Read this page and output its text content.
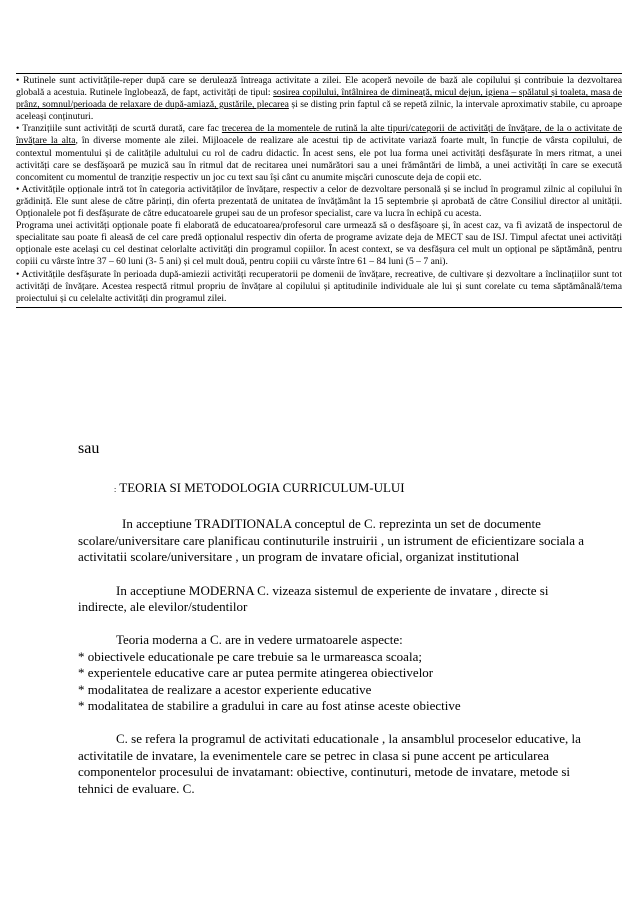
• Rutinele sunt activitățile-reper după care se derulează întreaga activitate a zilei. Ele acoperă nevoile de bază ale copilului și contribuie la dezvoltarea globală a acestuia. Rutinele înglobează, de fapt, activități de tipul: sosirea copilului, întâlnirea de dimineață, micul dejun, igiena – spălatul și toaleta, masa de prânz, somnul/perioada de relaxare de după-amiază, gustările, plecarea și se disting prin faptul că se repetă zilnic, la intervale aproximativ stabile, cu aproape aceleași conținuturi.

• Tranzițiile sunt activități de scurtă durată, care fac trecerea de la momentele de rutină la alte tipuri/categorii de activități de învățare, de la o activitate de învățare la alta, în diverse momente ale zilei. Mijloacele de realizare ale acestui tip de activitate variază foarte mult, în funcție de vârsta copilului, de contextul momentului și de calitățile adultului cu rol de cadru didactic. În acest sens, ele pot lua forma unei activități desfășurate în mers ritmat, a unei activități care se desfășoară pe muzică sau în ritmul dat de recitarea unei numărători sau a unei frământări de limbă, a unei activități în care se execută concomitent cu momentul de tranziție respectiv un joc cu text sau își cânt cu anumite mișcări cunoscute deja de copii etc.

• Activitățile opționale intră tot în categoria activităților de învățare, respectiv a celor de dezvoltare personală și se includ în programul zilnic al copilului în grădiniță. Ele sunt alese de către părinți, din oferta prezentată de unitatea de învățământ la 15 septembrie și aprobată de către Consiliul director al unității. Opționalele pot fi desfășurate de către educatoarele grupei sau de un profesor specialist, care va lucra în echipă cu acesta.

Programa unei activități opționale poate fi elaborată de educatoarea/profesorul care urmează să o desfășoare și, în acest caz, va fi avizată de inspectorul de specialitate sau poate fi aleasă de cel care predă opționalul respectiv din oferta de programe avizate deja de MECT sau de ISJ. Timpul afectat unei activități opționale este același cu cel destinat celorlalte activități din programul copiilor. În acest context, se va desfășura cel mult un opțional pe săptămână, pentru copiii cu vârste între 37 – 60 luni (3- 5 ani) și cel mult două, pentru copiii cu vârste între 61 – 84 luni (5 – 7 ani).

• Activitățile desfășurate în perioada după-amiezii activități recuperatorii pe domenii de învățare, recreative, de cultivare și dezvoltare a înclinațiilor sunt tot activități de învățare. Acestea respectă ritmul propriu de învățare al copilului și aptitudinile individuale ale lui și sunt corelate cu tema săptămânală/tema proiectului și cu celelalte activități din programul zilei.

sau

: TEORIA SI METODOLOGIA CURRICULUM-ULUI

In acceptiune TRADITIONALA conceptul de C. reprezinta un set de documente scolare/universitare care planificau continuturile instruirii , un istrument de eficientizare sociala a activitatii scolare/universitare , un program de invatare oficial, organizat institutional

In acceptiune MODERNA C. vizeaza sistemul de experiente de invatare , directe si indirecte, ale elevilor/studentilor

Teoria moderna a C. are in vedere urmatoarele aspecte:

* obiectivele educationale pe care trebuie sa le urmareasca scoala;

* experientele educative care ar putea permite atingerea obiectivelor

* modalitatea de realizare a acestor experiente educative

* modalitatea de stabilire a gradului in care au fost atinse aceste obiective

C. se refera la programul de activitati educationale , la ansamblul proceselor educative, la activitatile de invatare, la evenimentele care se petrec in clasa si pune accent pe articularea componentelor procesului de invatamant: obiective, continuturi, metode de invatare, metode si tehnici de evaluare. C.
